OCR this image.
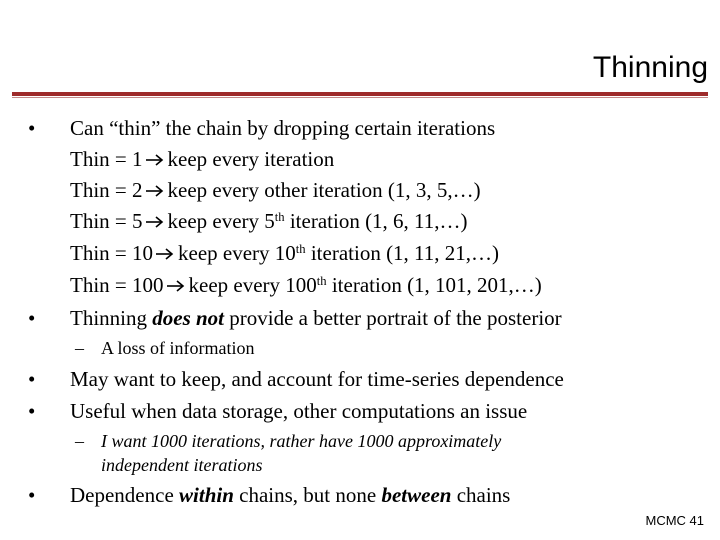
Thinning
•	Can “thin” the chain by dropping certain iterations
Thin = 1 keep every iteration
Thin = 2 keep every other iteration (1, 3, 5,…)
Thin = 5 keep every 5th iteration (1, 6, 11,…)
Thin = 10 keep every 10th iteration (1, 11, 21,…)
Thin = 100 keep every 100th iteration (1, 101, 201,…)
•	Thinning does not provide a better portrait of the posterior
– A loss of information
•	May want to keep, and account for time-series dependence
•	Useful when data storage, other computations an issue
– I want 1000 iterations, rather have 1000 approximately
independent iterations
•	Dependence within chains, but none between chains
MCMC 41
